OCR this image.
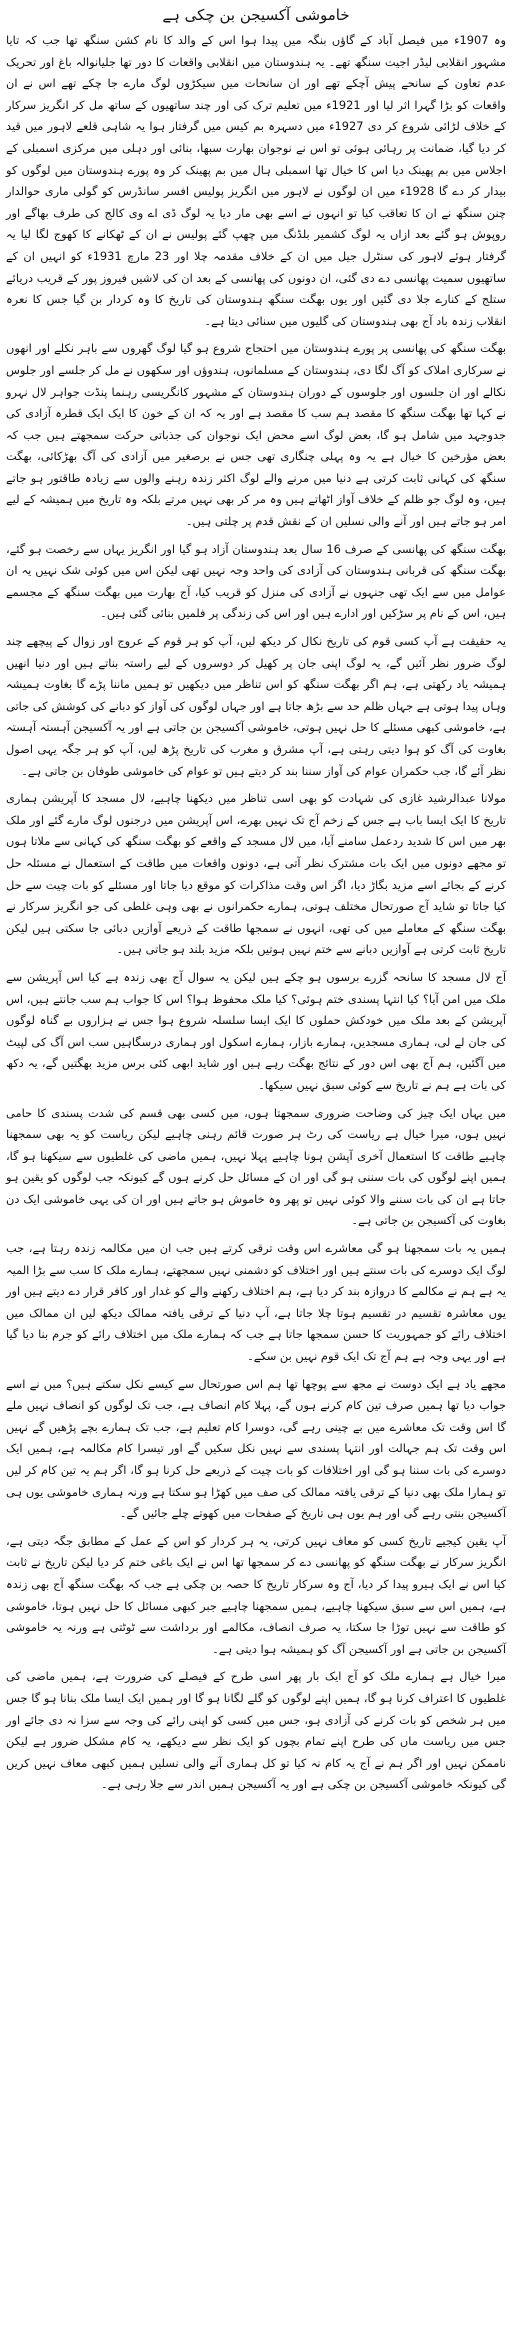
خاموشی آکسیجن بن چکی ہے

وہ 1907ء میں فیصل آباد کے گاؤں بنگہ میں پیدا ہوا اس کے والد کا نام کشن سنگھ تھا جب کہ تایا مشہور انقلابی لیڈر اجیت سنگھ تھے۔ یہ ہندوستان میں انقلابی واقعات کا دور تھا جلیانوالہ باغ اور تحریک عدم تعاون کے سانحے پیش آچکے تھے اور ان سانحات میں سیکڑوں لوگ مارے جا چکے تھے اس نے ان واقعات کو بڑا گہرا اثر لیا اور 1921ء میں تعلیم ترک کی اور چند ساتھیوں کے ساتھ مل کر انگریز سرکار کے خلاف لڑائی شروع کر دی 1927ء میں دسہرہ بم کیس میں گرفتار ہوا یہ شاہی قلعے لاہور میں قید کر دیا گیا، ضمانت پر رہائی ہوئی تو اس نے نوجوان بھارت سبھا، بنائی اور دہلی میں مرکزی اسمبلی کے اجلاس میں بم پھینک دیا اس کا خیال تھا اسمبلی ہال میں بم پھینک کر وہ پورے ہندوستان میں لوگوں کو بیدار کر دے گا 1928ء میں ان لوگوں نے لاہور میں انگریز پولیس افسر سانڈرس کو گولی ماری حوالدار چنن سنگھ نے ان کا تعاقب کیا تو انہوں نے اسے بھی مار دیا یہ لوگ ڈی اے وی کالج کی طرف بھاگے اور روپوش ہو گئے بعد ازاں یہ لوگ کشمیر بلڈنگ میں چھپ گئے پولیس نے ان کے ٹھکانے کا کھوج لگا لیا یہ گرفتار ہوئے لاہور کی سنٹرل جیل میں ان کے خلاف مقدمہ چلا اور 23 مارچ 1931ء کو انہیں ان کے ساتھیوں سمیت پھانسی دے دی گئی، ان دونوں کی پھانسی کے بعد ان کی لاشیں فیروز پور کے قریب دریائے ستلج کے کنارے جلا دی گئیں اور یوں بھگت سنگھ ہندوستان کی تاریخ کا وہ کردار بن گیا جس کا نعرہ انقلاب زندہ باد آج بھی ہندوستان کی گلیوں میں سنائی دیتا ہے۔

بھگت سنگھ کی پھانسی پر پورے ہندوستان میں احتجاج شروع ہو گیا لوگ گھروں سے باہر نکلے اور انھوں نے سرکاری املاک کو آگ لگا دی، ہندوستان کے مسلمانوں، ہندوؤں اور سکھوں نے مل کر جلسے اور جلوس نکالے اور ان جلسوں اور جلوسوں کے دوران ہندوستان کے مشہور کانگریسی رہنما پنڈت جواہر لال نہرو نے کہا تھا بھگت سنگھ کا مقصد ہم سب کا مقصد ہے اور یہ کہ ان کے خون کا ایک ایک قطرہ آزادی کی جدوجہد میں شامل ہو گا، بعض لوگ اسے محض ایک نوجوان کی جذباتی حرکت سمجھتے ہیں جب کہ بعض مؤرخین کا خیال ہے یہ وہ پہلی چنگاری تھی جس نے برصغیر میں آزادی کی آگ بھڑکائی، بھگت سنگھ کی کہانی ثابت کرتی ہے دنیا میں مرنے والے لوگ اکثر زندہ رہنے والوں سے زیادہ طاقتور ہو جاتے ہیں، وہ لوگ جو ظلم کے خلاف آواز اٹھاتے ہیں وہ مر کر بھی نہیں مرتے بلکہ وہ تاریخ میں ہمیشہ کے لیے امر ہو جاتے ہیں اور آنے والی نسلیں ان کے نقش قدم پر چلتی ہیں۔

بھگت سنگھ کی پھانسی کے صرف 16 سال بعد ہندوستان آزاد ہو گیا اور انگریز یہاں سے رخصت ہو گئے، بھگت سنگھ کی قربانی ہندوستان کی آزادی کی واحد وجہ نہیں تھی لیکن اس میں کوئی شک نہیں یہ ان عوامل میں سے ایک تھی جنہوں نے آزادی کی منزل کو قریب کیا، آج بھارت میں بھگت سنگھ کے مجسمے ہیں، اس کے نام پر سڑکیں اور ادارے ہیں اور اس کی زندگی پر فلمیں بنائی گئی ہیں۔

یہ حقیقت ہے آپ کسی قوم کی تاریخ نکال کر دیکھ لیں، آپ کو ہر قوم کے عروج اور زوال کے پیچھے چند لوگ ضرور نظر آئیں گے، یہ لوگ اپنی جان پر کھیل کر دوسروں کے لیے راستہ بناتے ہیں اور دنیا انھیں ہمیشہ یاد رکھتی ہے، ہم اگر بھگت سنگھ کو اس تناظر میں دیکھیں تو ہمیں ماننا پڑے گا بغاوت ہمیشہ وہاں پیدا ہوتی ہے جہاں ظلم حد سے بڑھ جاتا ہے اور جہاں لوگوں کی آواز کو دبانے کی کوشش کی جاتی ہے، خاموشی کبھی مسئلے کا حل نہیں ہوتی، خاموشی آکسیجن بن جاتی ہے اور یہ آکسیجن آہستہ آہستہ بغاوت کی آگ کو ہوا دیتی رہتی ہے، آپ مشرق و مغرب کی تاریخ پڑھ لیں، آپ کو ہر جگہ یہی اصول نظر آئے گا، جب حکمران عوام کی آواز سننا بند کر دیتے ہیں تو عوام کی خاموشی طوفان بن جاتی ہے۔

مولانا عبدالرشید غازی کی شہادت کو بھی اسی تناظر میں دیکھنا چاہیے، لال مسجد کا آپریشن ہماری تاریخ کا ایک ایسا باب ہے جس کے زخم آج تک نہیں بھرے، اس آپریشن میں درجنوں لوگ مارے گئے اور ملک بھر میں اس کا شدید ردعمل سامنے آیا، میں لال مسجد کے واقعے کو بھگت سنگھ کی کہانی سے ملاتا ہوں تو مجھے دونوں میں ایک بات مشترک نظر آتی ہے، دونوں واقعات میں طاقت کے استعمال نے مسئلہ حل کرنے کے بجائے اسے مزید بگاڑ دیا، اگر اس وقت مذاکرات کو موقع دیا جاتا اور مسئلے کو بات چیت سے حل کیا جاتا تو شاید آج صورتحال مختلف ہوتی، ہمارے حکمرانوں نے بھی وہی غلطی کی جو انگریز سرکار نے بھگت سنگھ کے معاملے میں کی تھی، انہوں نے سمجھا طاقت کے ذریعے آوازیں دبائی جا سکتی ہیں لیکن تاریخ ثابت کرتی ہے آوازیں دبانے سے ختم نہیں ہوتیں بلکہ مزید بلند ہو جاتی ہیں۔

آج لال مسجد کا سانحہ گزرے برسوں ہو چکے ہیں لیکن یہ سوال آج بھی زندہ ہے کیا اس آپریشن سے ملک میں امن آیا؟ کیا انتہا پسندی ختم ہوئی؟ کیا ملک محفوظ ہوا؟ اس کا جواب ہم سب جانتے ہیں، اس آپریشن کے بعد ملک میں خودکش حملوں کا ایک ایسا سلسلہ شروع ہوا جس نے ہزاروں بے گناہ لوگوں کی جان لے لی، ہماری مسجدیں، ہمارے بازار، ہمارے اسکول اور ہماری درسگاہیں سب اس آگ کی لپیٹ میں آگئیں، ہم آج بھی اس دور کے نتائج بھگت رہے ہیں اور شاید ابھی کئی برس مزید بھگتیں گے، یہ دکھ کی بات ہے ہم نے تاریخ سے کوئی سبق نہیں سیکھا۔

میں یہاں ایک چیز کی وضاحت ضروری سمجھتا ہوں، میں کسی بھی قسم کی شدت پسندی کا حامی نہیں ہوں، میرا خیال ہے ریاست کی رٹ ہر صورت قائم رہنی چاہیے لیکن ریاست کو یہ بھی سمجھنا چاہیے طاقت کا استعمال آخری آپشن ہونا چاہیے پہلا نہیں، ہمیں ماضی کی غلطیوں سے سیکھنا ہو گا، ہمیں اپنے لوگوں کی بات سننی ہو گی اور ان کے مسائل حل کرنے ہوں گے کیونکہ جب لوگوں کو یقین ہو جاتا ہے ان کی بات سننے والا کوئی نہیں تو پھر وہ خاموش ہو جاتے ہیں اور ان کی یہی خاموشی ایک دن بغاوت کی آکسیجن بن جاتی ہے۔

ہمیں یہ بات سمجھنا ہو گی معاشرے اس وقت ترقی کرتے ہیں جب ان میں مکالمہ زندہ رہتا ہے، جب لوگ ایک دوسرے کی بات سنتے ہیں اور اختلاف کو دشمنی نہیں سمجھتے، ہمارے ملک کا سب سے بڑا المیہ یہ ہے ہم نے مکالمے کا دروازہ بند کر دیا ہے، ہم اختلاف رکھنے والے کو غدار اور کافر قرار دے دیتے ہیں اور یوں معاشرہ تقسیم در تقسیم ہوتا چلا جاتا ہے، آپ دنیا کے ترقی یافتہ ممالک دیکھ لیں ان ممالک میں اختلاف رائے کو جمہوریت کا حسن سمجھا جاتا ہے جب کہ ہمارے ملک میں اختلاف رائے کو جرم بنا دیا گیا ہے اور یہی وجہ ہے ہم آج تک ایک قوم نہیں بن سکے۔

مجھے یاد ہے ایک دوست نے مجھ سے پوچھا تھا ہم اس صورتحال سے کیسے نکل سکتے ہیں؟ میں نے اسے جواب دیا تھا ہمیں صرف تین کام کرنے ہوں گے، پہلا کام انصاف ہے، جب تک لوگوں کو انصاف نہیں ملے گا اس وقت تک معاشرے میں بے چینی رہے گی، دوسرا کام تعلیم ہے، جب تک ہمارے بچے پڑھیں گے نہیں اس وقت تک ہم جہالت اور انتہا پسندی سے نہیں نکل سکیں گے اور تیسرا کام مکالمہ ہے، ہمیں ایک دوسرے کی بات سننا ہو گی اور اختلافات کو بات چیت کے ذریعے حل کرنا ہو گا، اگر ہم یہ تین کام کر لیں تو ہمارا ملک بھی دنیا کے ترقی یافتہ ممالک کی صف میں کھڑا ہو سکتا ہے ورنہ ہماری خاموشی یوں ہی آکسیجن بنتی رہے گی اور ہم یوں ہی تاریخ کے صفحات میں کھوتے چلے جائیں گے۔

آپ یقین کیجیے تاریخ کسی کو معاف نہیں کرتی، یہ ہر کردار کو اس کے عمل کے مطابق جگہ دیتی ہے، انگریز سرکار نے بھگت سنگھ کو پھانسی دے کر سمجھا تھا اس نے ایک باغی ختم کر دیا لیکن تاریخ نے ثابت کیا اس نے ایک ہیرو پیدا کر دیا، آج وہ سرکار تاریخ کا حصہ بن چکی ہے جب کہ بھگت سنگھ آج بھی زندہ ہے، ہمیں اس سے سبق سیکھنا چاہیے، ہمیں سمجھنا چاہیے جبر کبھی مسائل کا حل نہیں ہوتا، خاموشی کو طاقت سے نہیں توڑا جا سکتا، یہ صرف انصاف، مکالمے اور برداشت سے ٹوٹتی ہے ورنہ یہ خاموشی آکسیجن بن جاتی ہے اور آکسیجن آگ کو ہمیشہ ہوا دیتی ہے۔

میرا خیال ہے ہمارے ملک کو آج ایک بار پھر اسی طرح کے فیصلے کی ضرورت ہے، ہمیں ماضی کی غلطیوں کا اعتراف کرنا ہو گا، ہمیں اپنے لوگوں کو گلے لگانا ہو گا اور ہمیں ایک ایسا ملک بنانا ہو گا جس میں ہر شخص کو بات کرنے کی آزادی ہو، جس میں کسی کو اپنی رائے کی وجہ سے سزا نہ دی جائے اور جس میں ریاست ماں کی طرح اپنے تمام بچوں کو ایک نظر سے دیکھے، یہ کام مشکل ضرور ہے لیکن ناممکن نہیں اور اگر ہم نے آج یہ کام نہ کیا تو کل ہماری آنے والی نسلیں ہمیں کبھی معاف نہیں کریں گی کیونکہ خاموشی آکسیجن بن چکی ہے اور یہ آکسیجن ہمیں اندر سے جلا رہی ہے۔
